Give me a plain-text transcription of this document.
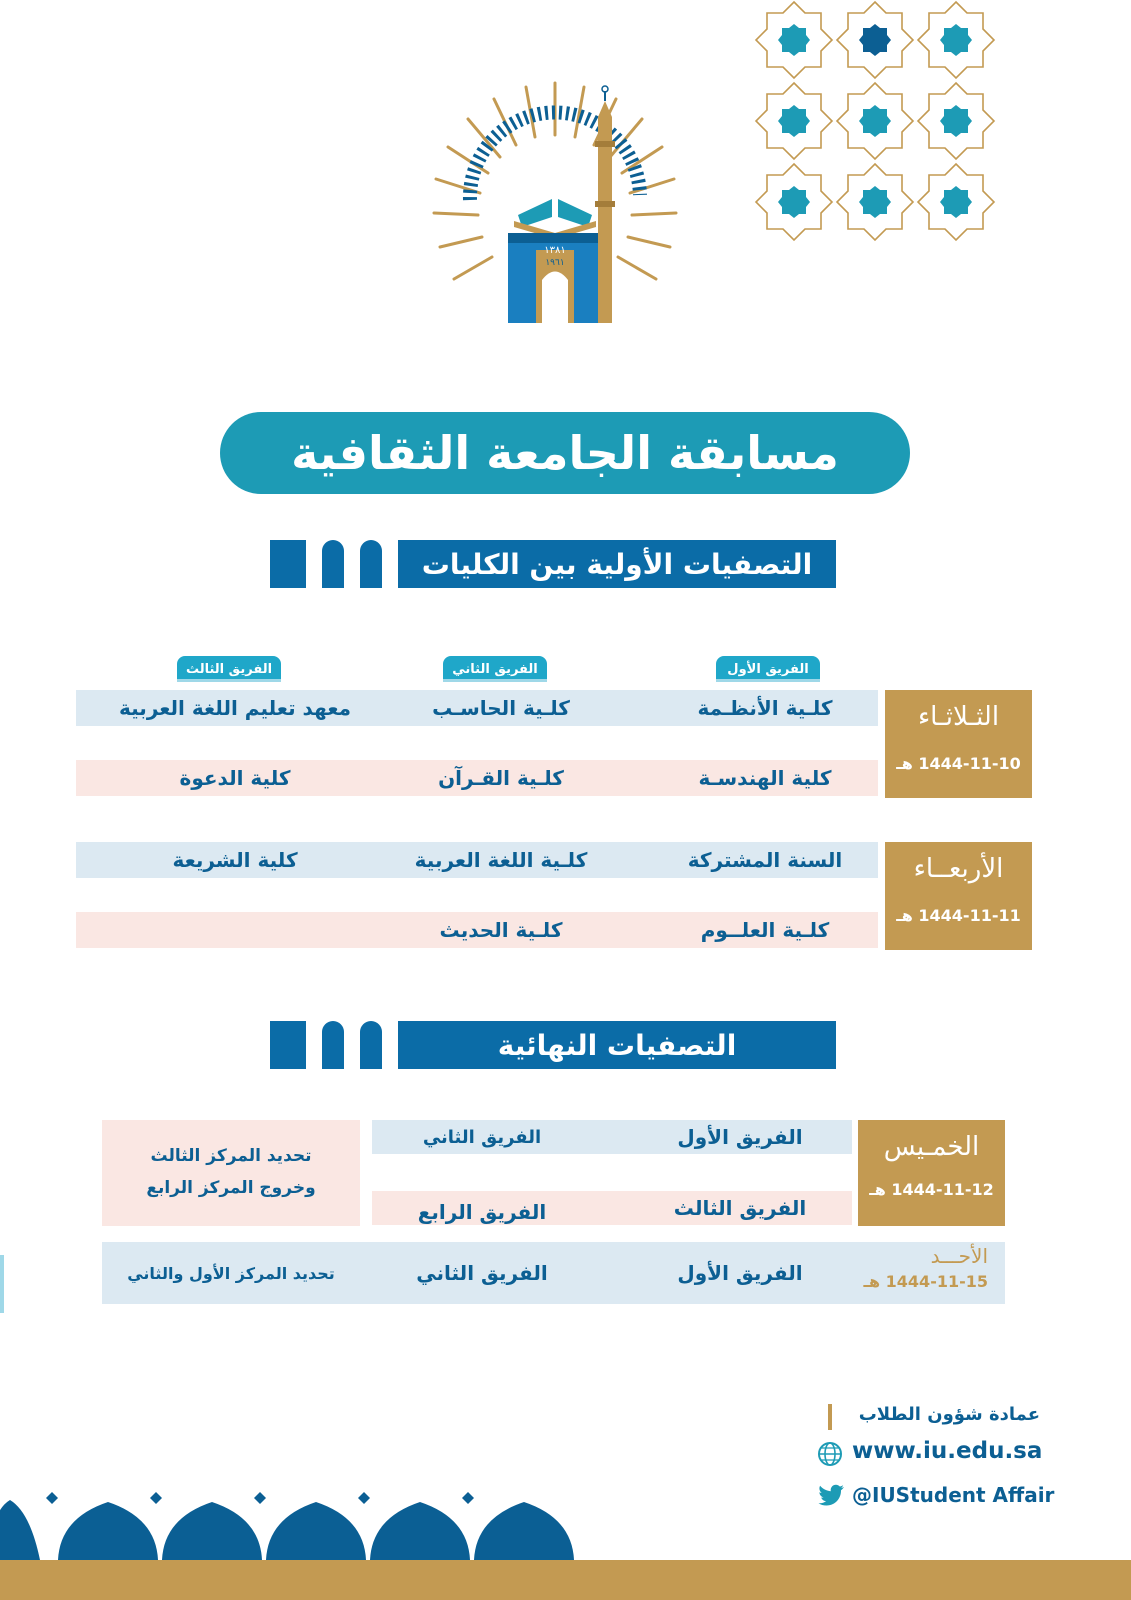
١٣٨١
١٩٦١
مسابقة الجامعة الثقافية
التصفيات الأولية بين الكليات
الفريق الأول
الفريق الثاني
الفريق الثالث
كلـية الأنظـمة
كلـية الحاسـب
معهد تعليم اللغة العربية
كلية الهندسـة
كلـية القـرآن
كلية الدعوة
الثـلاثـاء
1444-11-10 هـ
السنة المشتركة
كلـية اللغة العربية
كلية الشريعة
كلـية العلــوم
كلـية الحديث
الأربعــاء
1444-11-11 هـ
التصفيات النهائية
الفريق الأول
الفريق الثاني
الفريق الثالث
الفريق الرابع
تحديد المركز الثالث
وخروج المركز الرابع
الخمـيس
1444-11-12 هـ
الفريق الأول
الفريق الثاني
تحديد المركز الأول والثاني
الأحـــد
1444-11-15 هـ
عمادة شؤون الطلاب
www.iu.edu.sa
@IUStudent Affair
